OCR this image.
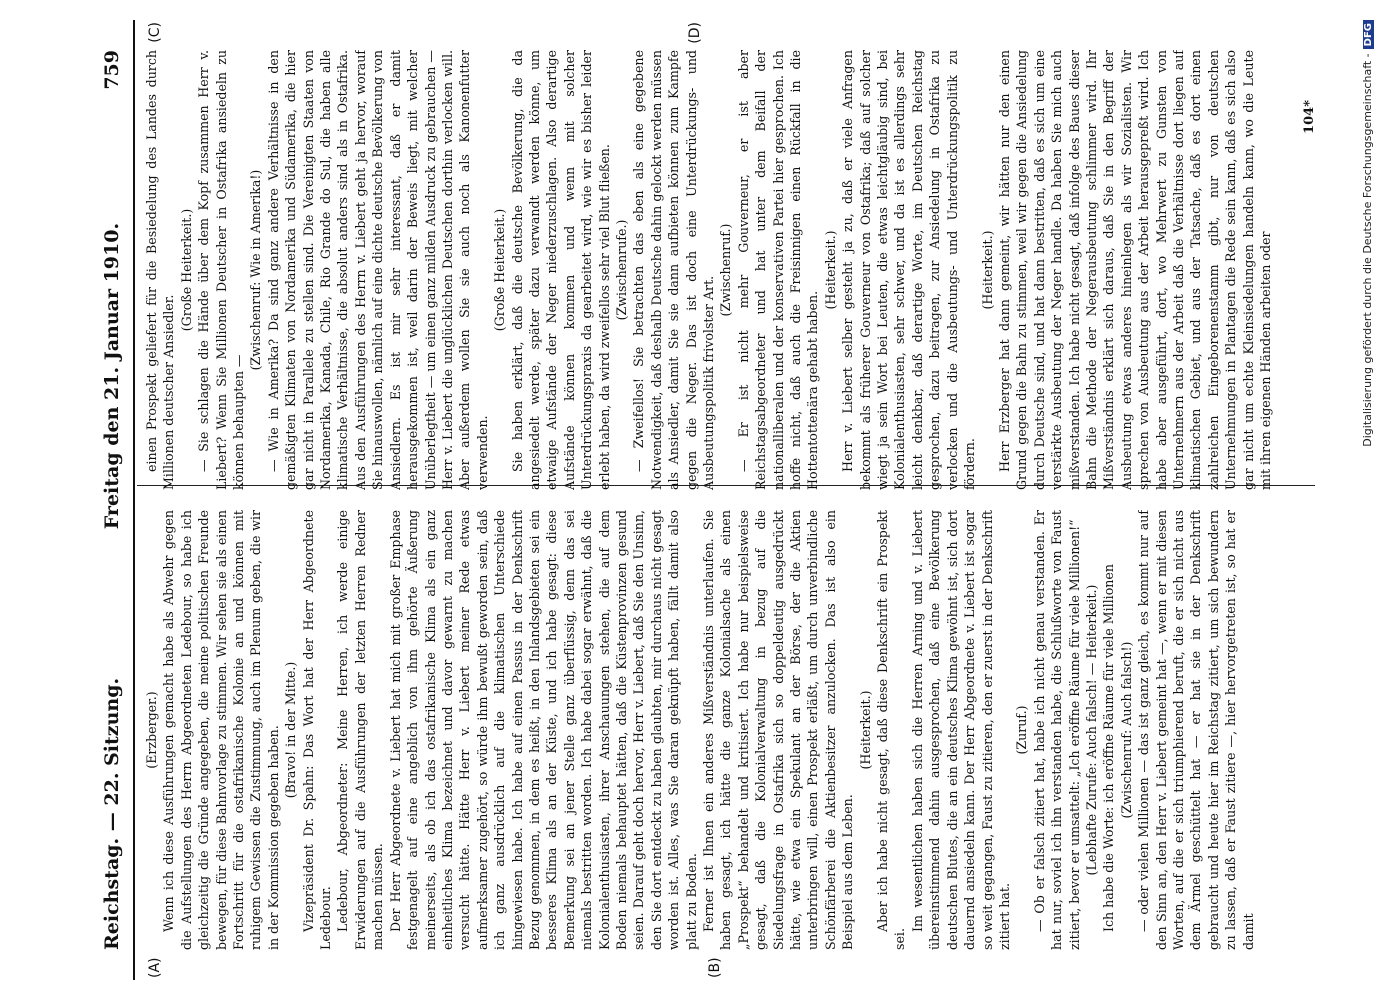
Reichstag. — 22. Sitzung.
Freitag den 21. Januar 1910.  759
(A)	(B)
(C)	(D)

(Erzberger.) Wenn ich diese Ausführungen gemacht habe als Abwehr gegen die Aufstellungen des Herrn Abgeordneten Ledebour, so habe ich gleichzeitig die Gründe angegeben, die meine politischen Freunde bewegen, für diese Bahnvorlage zu stimmen. Wir sehen sie als einen Fortschritt für die ostafrikanische Kolonie an und können mit ruhigem Gewissen die Zustimmung, auch im Plenum geben, die wir in der Kommission gegeben haben. (Bravo! in der Mitte.) Vizepräsident Dr. Spahn: Das Wort hat der Herr Abgeordnete Ledebour. Ledebour, Abgeordneter: Meine Herren, ich werde einige Erwiderungen auf die Ausführungen der letzten Herren Redner machen müssen. Der Herr Abgeordnete v. Liebert hat mich mit großer Emphase festgenagelt auf eine angeblich von ihm gehörte Äußerung meinerseits, als ob ich das ostafrikanische Klima als ein ganz einheitliches Klima bezeichnet und davor gewarnt zu machen versucht hätte. Hätte Herr v. Liebert meiner Rede etwas aufmerksamer zugehört, so würde ihm bewußt geworden sein, daß ich ganz ausdrücklich auf die klimatischen Unterschiede hingewiesen habe. Ich habe auf einen Passus in der Denkschrift Bezug genommen, in dem es heißt, in den Inlandsgebieten sei ein besseres Klima als an der Küste, und ich habe gesagt: diese Bemerkung sei an jener Stelle ganz überflüssig, denn das sei niemals bestritten worden. Ich habe dabei sogar erwähnt, daß die Kolonialenthusiasten, ihrer Anschauungen stehen, die auf dem Boden niemals behauptet hätten, daß die Küstenprovinzen gesund seien. Darauf geht doch hervor, Herr v. Liebert, daß Sie den Unsinn, den Sie dort entdeckt zu haben glaubten, mir durchaus nicht gesagt worden ist. Alles, was Sie daran geknüpft haben, fällt damit also platt zu Boden. Ferner ist Ihnen ein anderes Mißverständnis unterlaufen. Sie haben gesagt, ich hätte die ganze Kolonialsache als einen „Prospekt“ behandelt und kritisiert. Ich habe nur beispielsweise gesagt, daß die Kolonialverwaltung in bezug auf die Siedelungsfrage in Ostafrika sich so doppeldeutig ausgedrückt hätte, wie etwa ein Spekulant an der Börse, der die Aktien unterbringen will, einen Prospekt erläßt, um durch unverbindliche Schönfärberei die Aktienbesitzer anzulocken. Das ist also ein Beispiel aus dem Leben.

(Heiterkeit.) Aber ich habe nicht gesagt, daß diese Denkschrift ein Prospekt sei.

Im wesentlichen haben sich die Herren Arning und v. Liebert übereinstimmend dahin ausgesprochen, daß eine Bevölkerung deutschen Blutes, die an ein deutsches Klima gewöhnt ist, sich dort dauernd ansiedeln kann. Der Herr Abgeordnete v. Liebert ist sogar so weit gegangen, Faust zu zitieren, den er zuerst in der Denkschrift zitiert hat.

(Zuruf.) — Ob er falsch zitiert hat, habe ich nicht genau verstanden. Er hat nur, soviel ich ihn verstanden habe, die Schlußworte von Faust zitiert, bevor er umsattelt: „Ich eröffne Räume für viele Millionen!“ (Lebhafte Zurufe: Auch falsch! — Heiterkeit.) Ich habe die Worte: ich eröffne Räume für viele Millionen (Zwischenruf: Auch falsch!) — oder vielen Millionen — das ist ganz gleich, es kommt nur auf den Sinn an, den Herr v. Liebert gemeint hat —, wenn er mit diesen Worten, auf die er sich triumphierend beruft, die er sich nicht aus dem Ärmel geschüttelt hat — er hat sie in der Denkschrift gebraucht und heute hier im Reichstag zitiert, um sich bewundern zu lassen, daß er Faust zitiere —, hier hervorgetreten ist, so hat er damit

einen Prospekt geliefert für die Besiedelung des Landes durch Millionen deutscher Ansiedler.

(Große Heiterkeit.) — Sie schlagen die Hände über dem Kopf zusammen Herr v. Liebert? Wenn Sie Millionen Deutscher in Ostafrika ansiedeln zu können behaupten —

(Zwischenruf: Wie in Amerika!) — Wie in Amerika? Da sind ganz andere Verhältnisse in den gemäßigten Klimaten von Nordamerika und Südamerika, die hier gar nicht in Parallele zu stellen sind. Die Vereinigten Staaten von Nordamerika, Kanada, Chile, Rio Grande do Sul, die haben alle klimatische Verhältnisse, die absolut anders sind als in Ostafrika. Aus den Ausführungen des Herrn v. Liebert geht ja hervor, worauf Sie hinauswollen, nämlich auf eine dichte deutsche Bevölkerung von Ansiedlern. Es ist mir sehr interessant, daß er damit herausgekommen ist, weil darin der Beweis liegt, mit welcher Unüberlegtheit — um einen ganz milden Ausdruck zu gebrauchen — Herr v. Liebert die unglücklichen Deutschen dorthin verlocken will. Aber außerdem wollen Sie sie auch noch als Kanonenfutter verwenden.

(Große Heiterkeit.) Sie haben erklärt, daß die deutsche Bevölkerung, die da angesiedelt werde, später dazu verwandt werden könne, um etwaige Aufstände der Neger niederzuschlagen. Also derartige Aufstände können kommen und wenn mit solcher Unterdrückungspraxis da gearbeitet wird, wie wir es bisher leider erlebt haben, da wird zweifellos sehr viel Blut fließen. (Zwischenrufe.) — Zweifellos! Sie betrachten das eben als eine gegebene Notwendigkeit, daß deshalb Deutsche dahin gelockt werden müssen als Ansiedler, damit Sie sie dann aufbieten können zum Kampfe gegen die Neger. Das ist doch eine Unterdrückungs- und Ausbeutungspolitik frivolster Art.

(Zwischenruf.) — Er ist nicht mehr Gouverneur, er ist aber Reichstagsabgeordneter und hat unter dem Beifall der nationalliberalen und der konservativen Partei hier gesprochen. Ich hoffe nicht, daß auch die Freisinnigen einen Rückfall in die Hottentottenära gehabt haben.

(Heiterkeit.) Herr v. Liebert selber gesteht ja zu, daß er viele Anfragen bekommt als früherer Gouverneur von Ostafrika; daß auf solcher wiegt ja sein Wort bei Leuten, die etwas leichtgläubig sind, bei Kolonialenthusiasten, sehr schwer, und da ist es allerdings sehr leicht denkbar, daß derartige Worte, im Deutschen Reichstag gesprochen, dazu beitragen, zur Ansiedelung in Ostafrika zu verlocken und die Ausbeutungs- und Unterdrückungspolitik zu fördern.

(Heiterkeit.) Herr Erzberger hat dann gemeint, wir hätten nur den einen Grund gegen die Bahn zu stimmen, weil wir gegen die Ansiedelung durch Deutsche sind, und hat dann bestritten, daß es sich um eine verstärkte Ausbeutung der Neger handle. Da haben Sie mich auch mißverstanden. Ich habe nicht gesagt, daß infolge des Baues dieser Bahn die Methode der Negerausbeutung schlimmer wird. Ihr Mißverständnis erklärt sich daraus, daß Sie in den Begriff der Ausbeutung etwas anderes hineinlegen als wir Sozialisten. Wir sprechen von Ausbeutung aus der Arbeit herausgepreßt wird. Ich habe aber ausgeführt, dort, wo Mehrwert zu Gunsten von Unternehmern aus der Arbeit daß die Verhältnisse dort liegen auf klimatischen Gebiet, und aus der Tatsache, daß es dort einen zahlreichen Eingeborenenstamm gibt, nur von deutschen Unternehmungen in Plantagen die Rede sein kann, daß es sich also gar nicht um echte Kleinsiedelungen handeln kann, wo die Leute mit ihren eigenen Händen arbeiten oder

104*	Digitalisierung gefördert durch die Deutsche Forschungsgemeinschaft -DFG
